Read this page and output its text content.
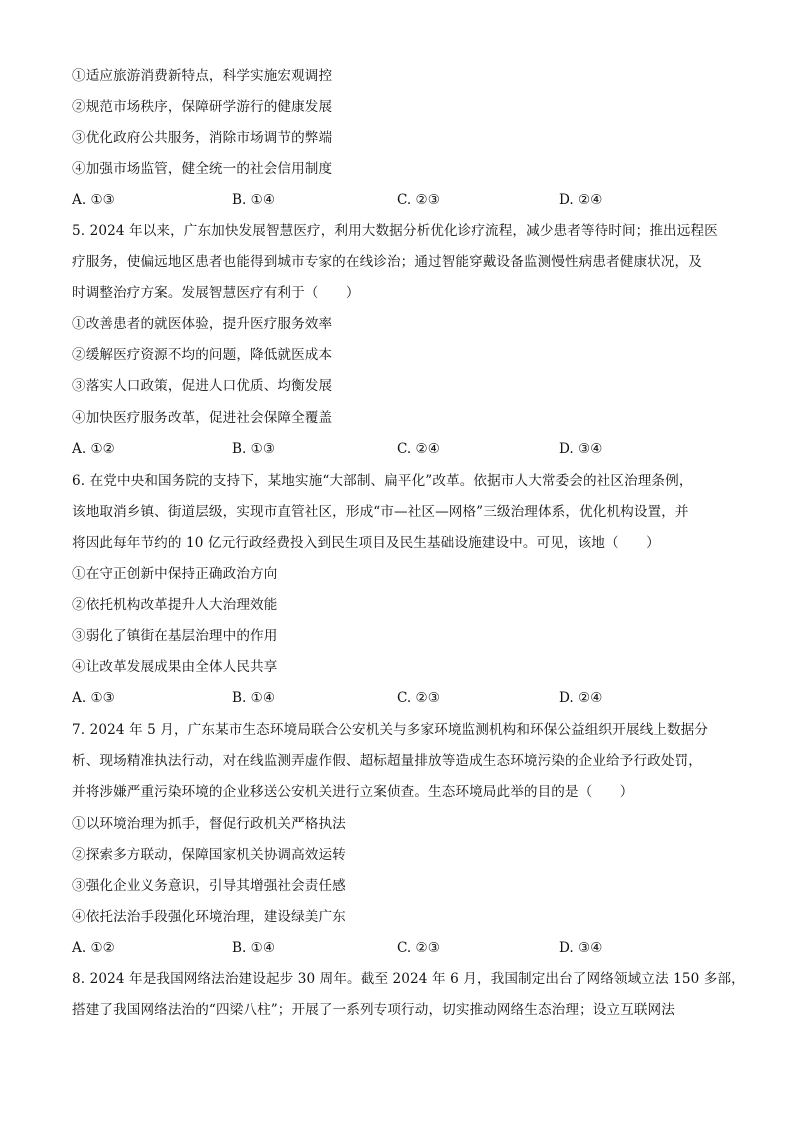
①适应旅游消费新特点，科学实施宏观调控
②规范市场秩序，保障研学游行的健康发展
③优化政府公共服务，消除市场调节的弊端
④加强市场监管，健全统一的社会信用制度
A. ①③	B. ①④	C. ②③	D. ②④
5. 2024 年以来，广东加快发展智慧医疗，利用大数据分析优化诊疗流程，减少患者等待时间；推出远程医
疗服务，使偏远地区患者也能得到城市专家的在线诊治；通过智能穿戴设备监测慢性病患者健康状况，及
时调整治疗方案。发展智慧医疗有利于（　　）
①改善患者的就医体验，提升医疗服务效率
②缓解医疗资源不均的问题，降低就医成本
③落实人口政策，促进人口优质、均衡发展
④加快医疗服务改革，促进社会保障全覆盖
A. ①②	B. ①③	C. ②④	D. ③④
6. 在党中央和国务院的支持下，某地实施“大部制、扁平化”改革。依据市人大常委会的社区治理条例，
该地取消乡镇、街道层级，实现市直管社区，形成“市—社区—网格”三级治理体系，优化机构设置，并
将因此每年节约的 10 亿元行政经费投入到民生项目及民生基础设施建设中。可见，该地（　　）
①在守正创新中保持正确政治方向
②依托机构改革提升人大治理效能
③弱化了镇街在基层治理中的作用
④让改革发展成果由全体人民共享
A. ①③	B. ①④	C. ②③	D. ②④
7. 2024 年 5 月，广东某市生态环境局联合公安机关与多家环境监测机构和环保公益组织开展线上数据分
析、现场精准执法行动，对在线监测弄虚作假、超标超量排放等造成生态环境污染的企业给予行政处罚，
并将涉嫌严重污染环境的企业移送公安机关进行立案侦查。生态环境局此举的目的是（　　）
①以环境治理为抓手，督促行政机关严格执法
②探索多方联动，保障国家机关协调高效运转
③强化企业义务意识，引导其增强社会责任感
④依托法治手段强化环境治理，建设绿美广东
A. ①②	B. ①④	C. ②③	D. ③④
8. 2024 年是我国网络法治建设起步 30 周年。截至 2024 年 6 月，我国制定出台了网络领域立法 150 多部，
搭建了我国网络法治的“四梁八柱”；开展了一系列专项行动，切实推动网络生态治理；设立互联网法
